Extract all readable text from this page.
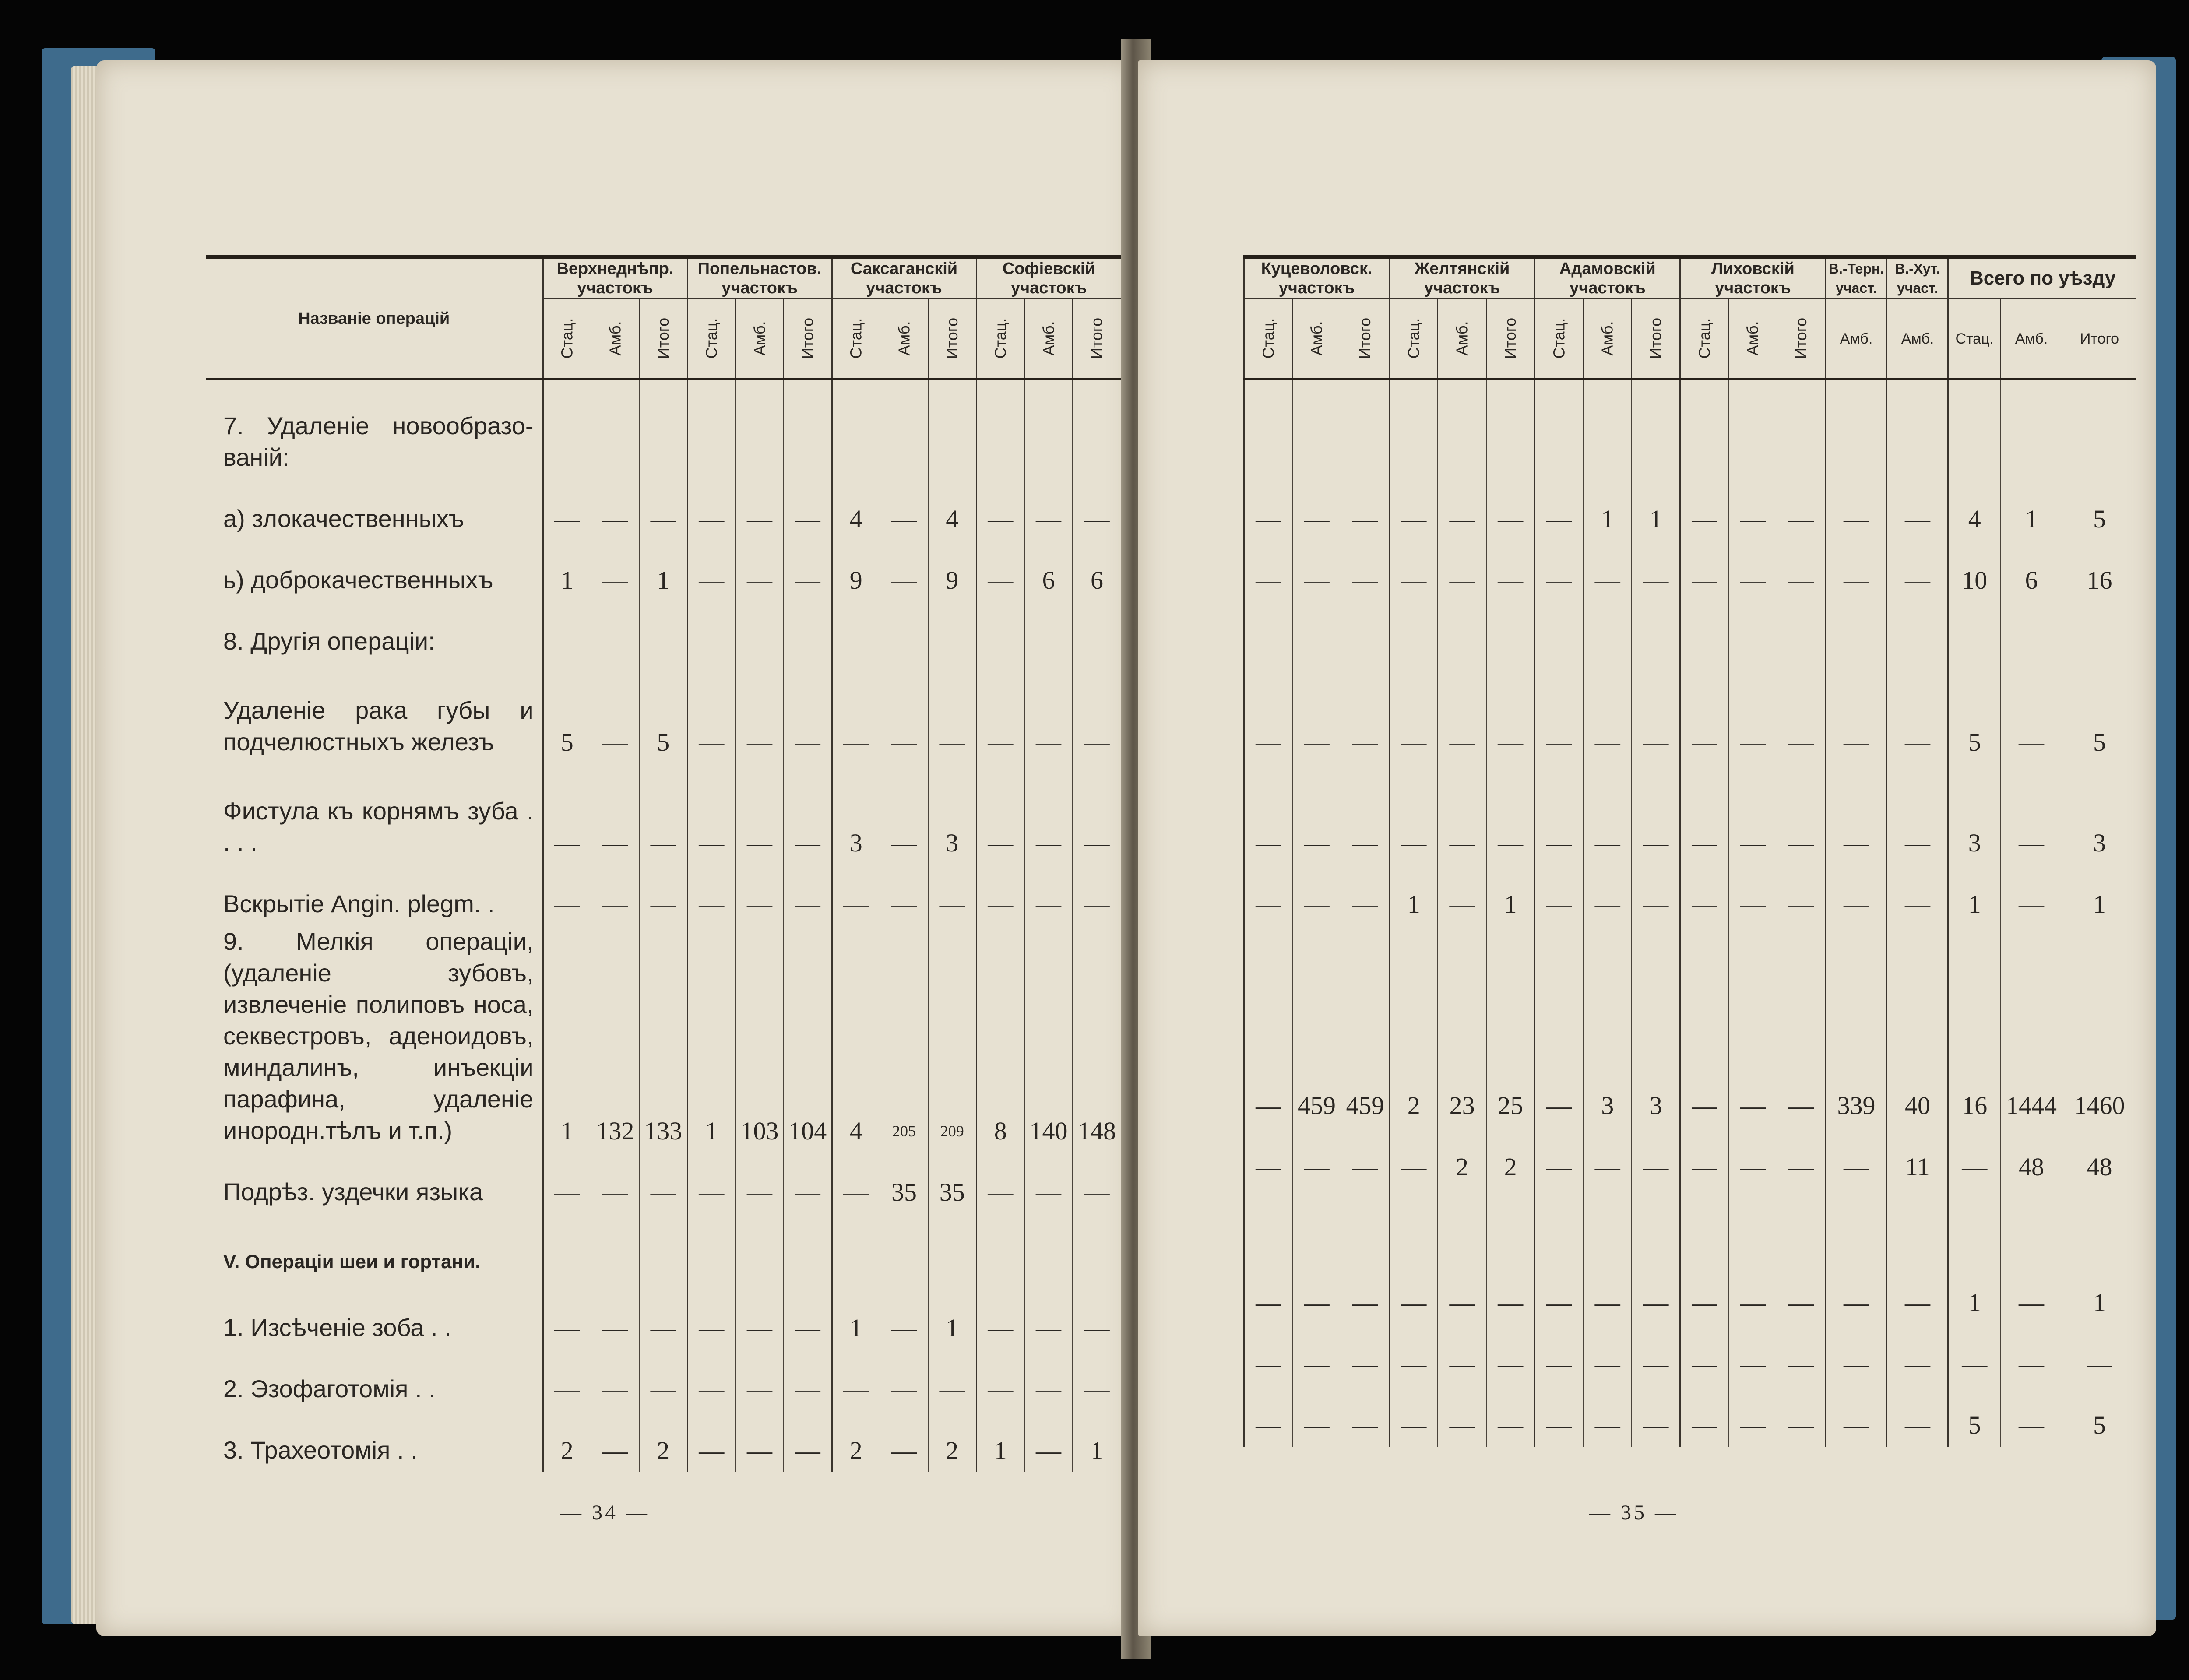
Названіе операцій	Верхнеднѣпр. участокъ			Попельнастов. участокъ			Саксаганскій участокъ			Софіевскій участокъ		
	Стац.	Амб.	Итого	Стац.	Амб.	Итого	Стац.	Амб.	Итого	Стац.	Амб.	Итого
7. Удаленіе новообразо-ваній:												
а) злокачественныхъ	—	—	—	—	—	—	4	—	4	—	—	—
ь) доброкачественныхъ	1	—	1	—	—	—	9	—	9	—	6	6
8. Другія операціи:												
Удаленіе рака губы и подчелюстныхъ железъ	5	—	5	—	—	—	—	—	—	—	—	—
Фистула къ корнямъ зуба . . . .	—	—	—	—	—	—	3	—	3	—	—	—
Вскрытіе Angin. plegm. .	—	—	—	—	—	—	—	—	—	—	—	—
9. Мелкія операціи, (удаленіе зубовъ, извлеченіе полиповъ носа, секвестровъ, аденоидовъ, миндалинъ, инъекціи парафина, удаленіе инородн.тѣлъ и т.п.)	1	132	133	1	103	104	4	205	209	8	140	148
Подрѣз. уздечки языка	—	—	—	—	—	—	—	35	35	—	—	—
V. Операціи шеи и гортани.												
1. Изсѣченіе зоба . .	—	—	—	—	—	—	1	—	1	—	—	—
2. Эзофаготомія . .	—	—	—	—	—	—	—	—	—	—	—	—
3. Трахеотомія . .	2	—	2	—	—	—	2	—	2	1	—	1
— 34 —
Куцеволовск. участокъ			Желтянскій участокъ			Адамовскій участокъ			Лиховскій участокъ			В.-Терн. участ.	В.-Хут. участ.	Всего по уѣзду		
Стац.	Амб.	Итого	Стац.	Амб.	Итого	Стац.	Амб.	Итого	Стац.	Амб.	Итого	Амб.	Амб.	Стац.	Амб.	Итого

—	—	—	—	—	—	—	1	1	—	—	—	—	—	4	1	5
—	—	—	—	—	—	—	—	—	—	—	—	—	—	10	6	16

—	—	—	—	—	—	—	—	—	—	—	—	—	—	5	—	5
—	—	—	—	—	—	—	—	—	—	—	—	—	—	3	—	3
—	—	—	1	—	1	—	—	—	—	—	—	—	—	1	—	1
—	459	459	2	23	25	—	3	3	—	—	—	339	40	16	1444	1460
—	—	—	—	2	2	—	—	—	—	—	—	—	11	—	48	48

—	—	—	—	—	—	—	—	—	—	—	—	—	—	1	—	1
—	—	—	—	—	—	—	—	—	—	—	—	—	—	—	—	—
—	—	—	—	—	—	—	—	—	—	—	—	—	—	5	—	5
— 35 —
